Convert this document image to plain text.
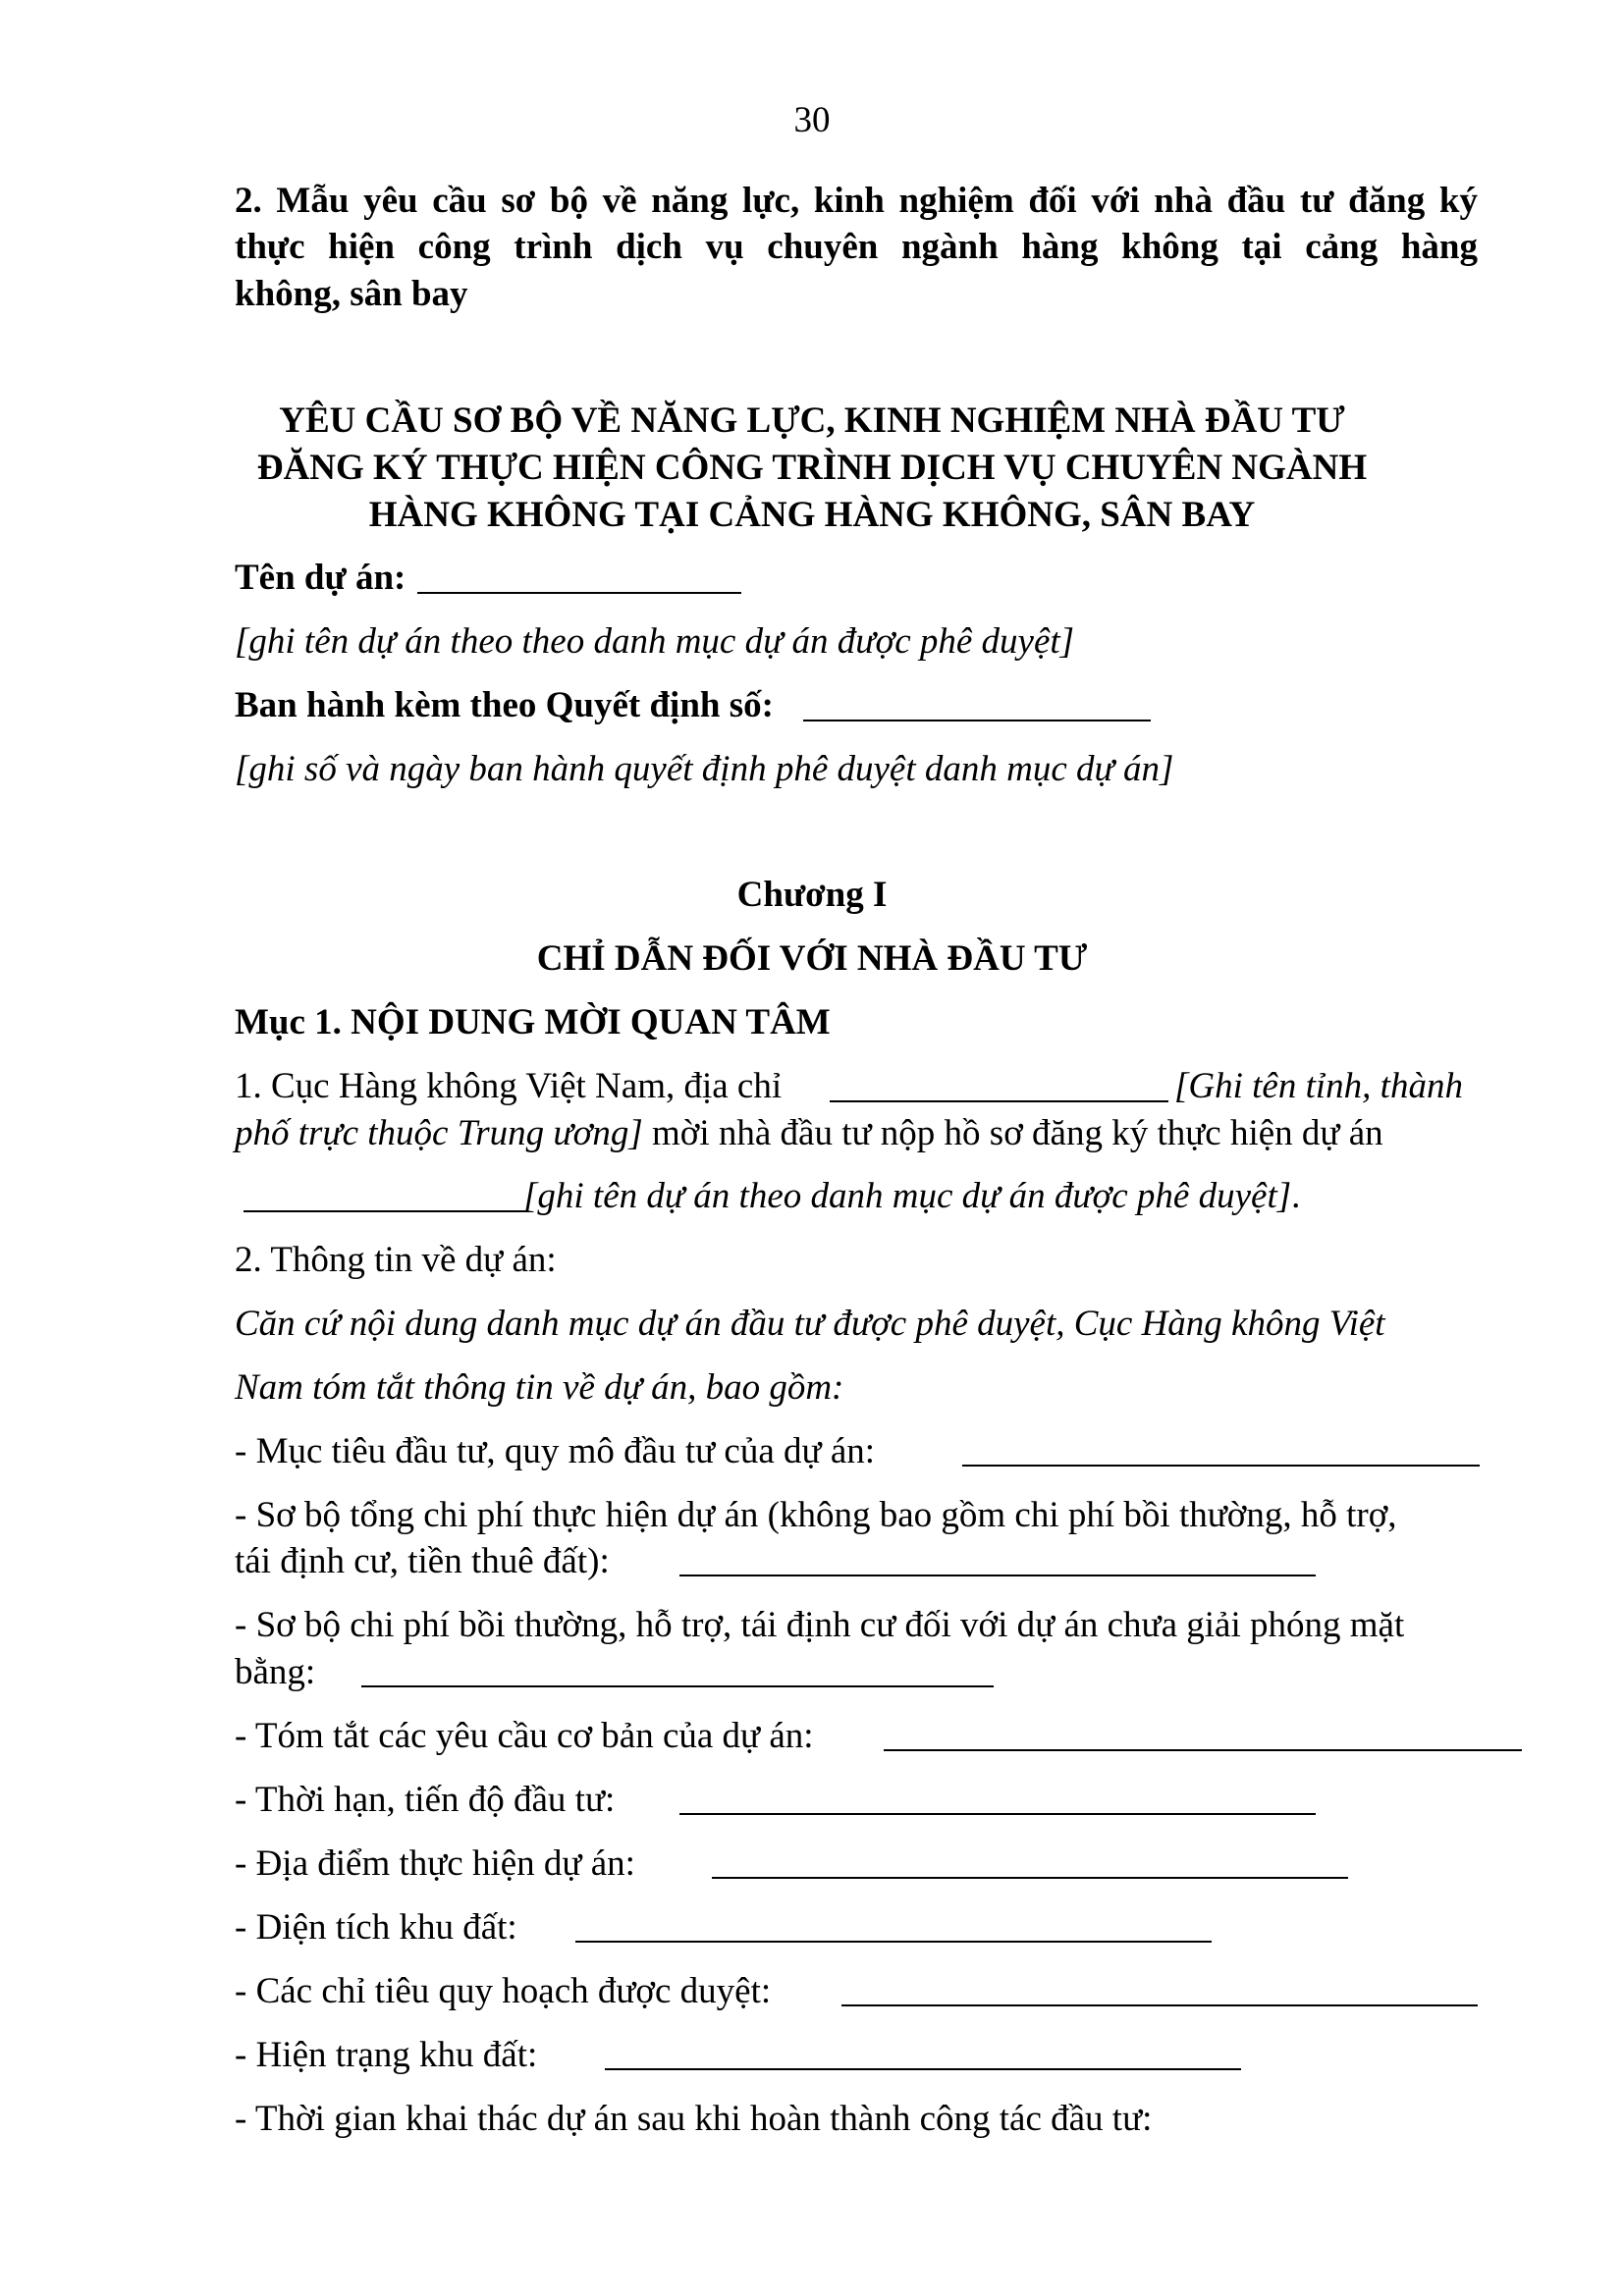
30
2. Mẫu yêu cầu sơ bộ về năng lực, kinh nghiệm đối với nhà đầu tư đăng ký
thực hiện công trình dịch vụ chuyên ngành hàng không tại cảng hàng
không, sân bay
YÊU CẦU SƠ BỘ VỀ NĂNG LỰC, KINH NGHIỆM NHÀ ĐẦU TƯ
ĐĂNG KÝ THỰC HIỆN CÔNG TRÌNH DỊCH VỤ CHUYÊN NGÀNH
HÀNG KHÔNG TẠI CẢNG HÀNG KHÔNG, SÂN BAY
Tên dự án:
[ghi tên dự án theo theo danh mục dự án được phê duyệt]
Ban hành kèm theo Quyết định số:
[ghi số và ngày ban hành quyết định phê duyệt danh mục dự án]
Chương I
CHỈ DẪN ĐỐI VỚI NHÀ ĐẦU TƯ
Mục 1. NỘI DUNG MỜI QUAN TÂM
1. Cục Hàng không Việt Nam, địa chỉ	[Ghi tên tỉnh, thành
phố trực thuộc Trung ương] mời nhà đầu tư nộp hồ sơ đăng ký thực hiện dự án
[ghi tên dự án theo danh mục dự án được phê duyệt].
2. Thông tin về dự án:
Căn cứ nội dung danh mục dự án đầu tư được phê duyệt, Cục Hàng không Việt
Nam tóm tắt thông tin về dự án, bao gồm:
- Mục tiêu đầu tư, quy mô đầu tư của dự án:
- Sơ bộ tổng chi phí thực hiện dự án (không bao gồm chi phí bồi thường, hỗ trợ,
tái định cư, tiền thuê đất):
- Sơ bộ chi phí bồi thường, hỗ trợ, tái định cư đối với dự án chưa giải phóng mặt
bằng:
- Tóm tắt các yêu cầu cơ bản của dự án:
- Thời hạn, tiến độ đầu tư:
- Địa điểm thực hiện dự án:
- Diện tích khu đất:
- Các chỉ tiêu quy hoạch được duyệt:
- Hiện trạng khu đất:
- Thời gian khai thác dự án sau khi hoàn thành công tác đầu tư:
